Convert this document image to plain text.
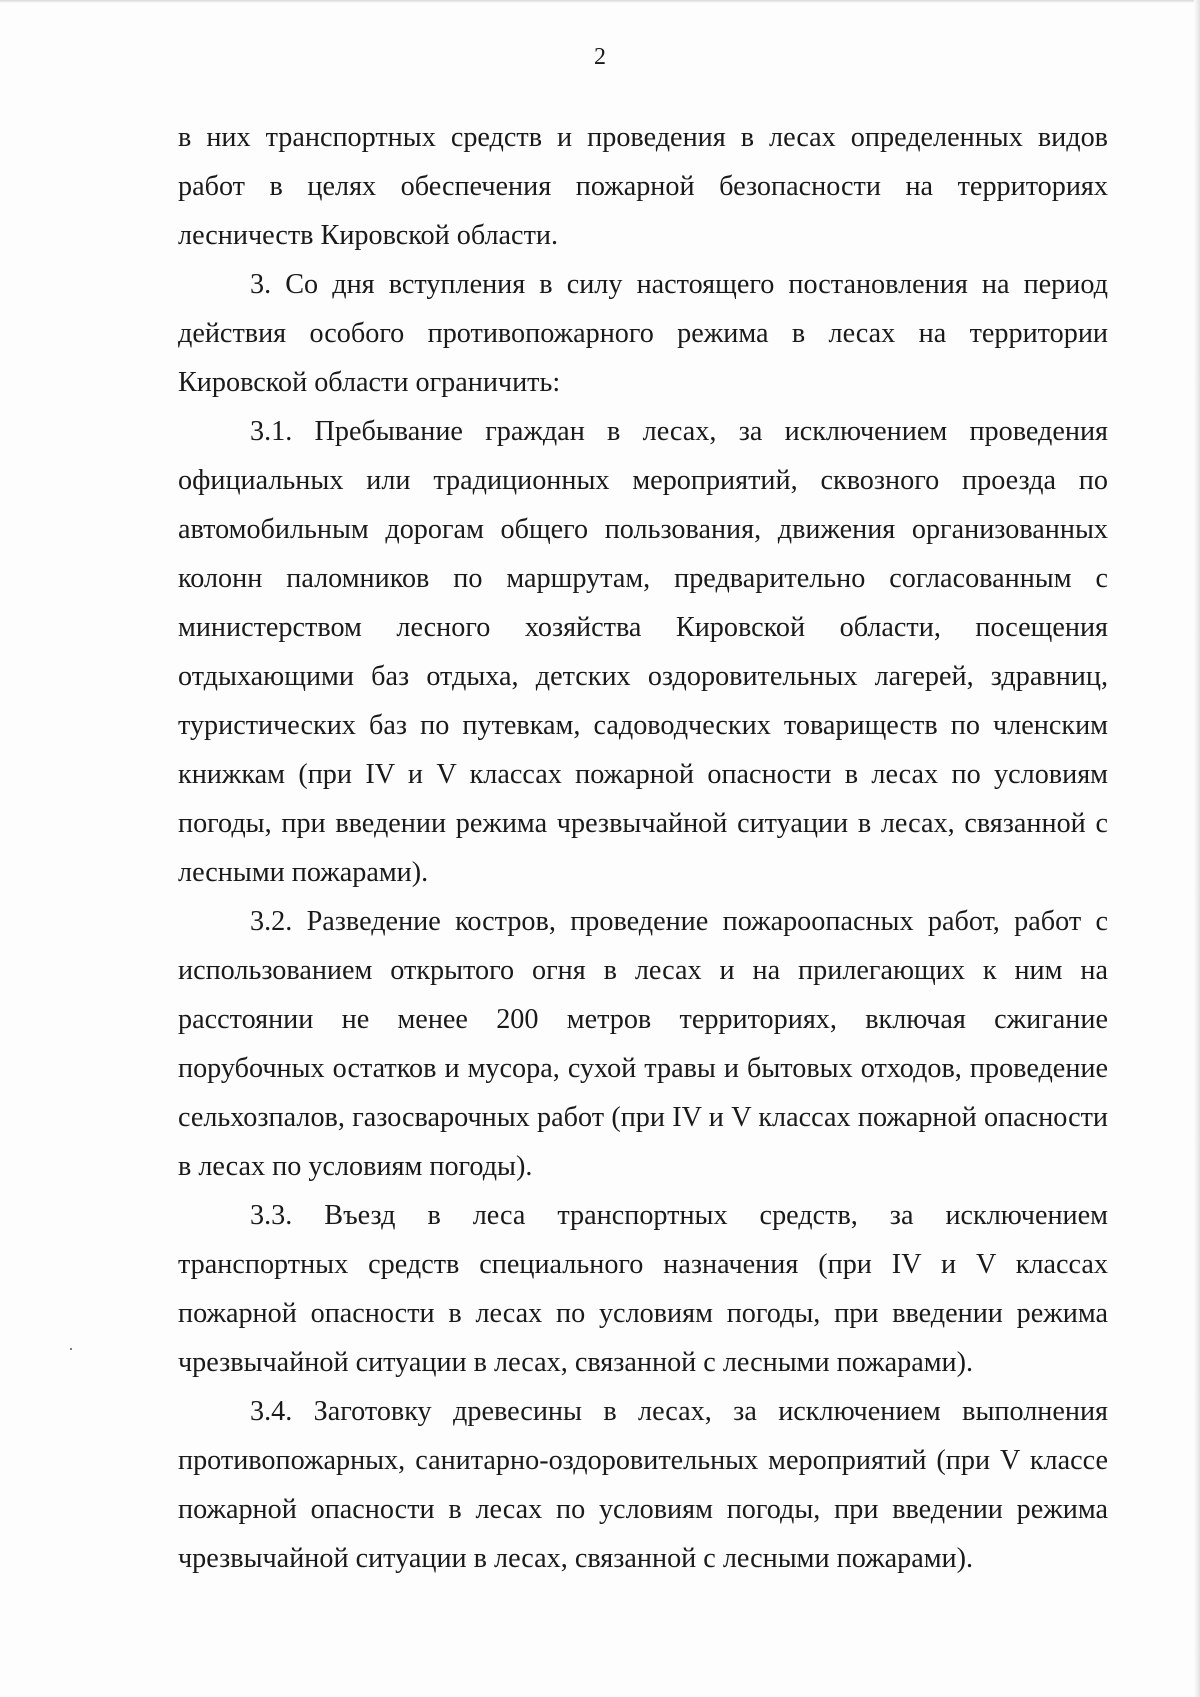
2

в них транспортных средств и проведения в лесах определенных видов работ в целях обеспечения пожарной безопасности на территориях лесничеств Кировской области.

3. Со дня вступления в силу настоящего постановления на период действия особого противопожарного режима в лесах на территории Кировской области ограничить:

3.1. Пребывание граждан в лесах, за исключением проведения официальных или традиционных мероприятий, сквозного проезда по автомобильным дорогам общего пользования, движения организованных колонн паломников по маршрутам, предварительно согласованным с министерством лесного хозяйства Кировской области, посещения отдыхающими баз отдыха, детских оздоровительных лагерей, здравниц, туристических баз по путевкам, садоводческих товариществ по членским книжкам (при IV и V классах пожарной опасности в лесах по условиям погоды, при введении режима чрезвычайной ситуации в лесах, связанной с лесными пожарами).

3.2. Разведение костров, проведение пожароопасных работ, работ с использованием открытого огня в лесах и на прилегающих к ним на расстоянии не менее 200 метров территориях, включая сжигание порубочных остатков и мусора, сухой травы и бытовых отходов, проведение сельхозпалов, газосварочных работ (при IV и V классах пожарной опасности в лесах по условиям погоды).

3.3. Въезд в леса транспортных средств, за исключением транспортных средств специального назначения (при IV и V классах пожарной опасности в лесах по условиям погоды, при введении режима чрезвычайной ситуации в лесах, связанной с лесными пожарами).

3.4. Заготовку древесины в лесах, за исключением выполнения противопожарных, санитарно-оздоровительных мероприятий (при V классе пожарной опасности в лесах по условиям погоды, при введении режима чрезвычайной ситуации в лесах, связанной с лесными пожарами).
